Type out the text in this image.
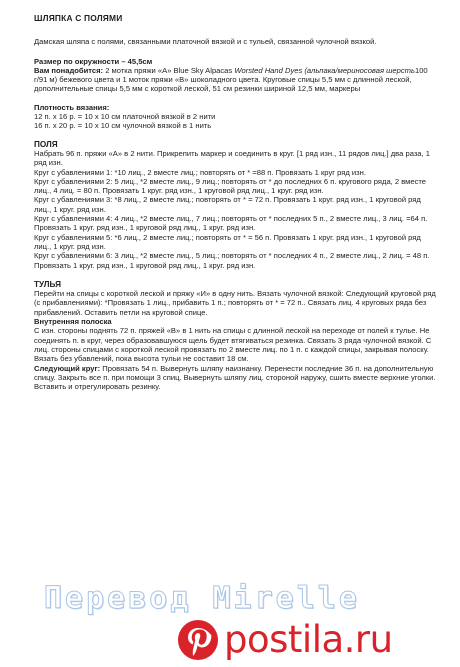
ШЛЯПКА С ПОЛЯМИ

Дамская шляпа с полями, связанными платочной вязкой и с тульей, связанной чулочной вязкой.

Размер по окружности – 45,5см

Вам понадобится: 2 мотка пряжи «А» Blue Sky Alpacas Worsted Hand Dyes (альпака/мериносовая шерсть100 г/91 м) бежевого цвета и 1 моток пряжи «В» шоколадного цвета. Круговые спицы 5,5 мм с длинной леской, дополнительные спицы 5,5 мм с короткой леской, 51 см резинки шириной 12,5 мм, маркеры

Плотность вязания:

12 п. х 16 р. = 10 х 10 см платочной вязкой в 2 нити

16 п. х 20 р. = 10 х 10 см чулочной вязкой в 1 нить

ПОЛЯ

Набрать 96 п. пряжи «А» в 2 нити. Прикрепить маркер и соединить в круг. [1 ряд изн., 11 рядов лиц.] два раза, 1 ряд изн.

Круг с убавлениями 1: *10 лиц., 2 вместе лиц.; повторять от * =88 п. Провязать 1 круг ряд изн.

Круг с убавлениями 2: 5 лиц., *2 вместе лиц., 9 лиц.; повторять от * до последних 6 п. кругового ряда, 2 вместе лиц., 4 лиц. = 80 п. Провязать 1 круг. ряд изн., 1 круговой ряд лиц., 1 круг. ряд изн.

Круг с убавлениями 3: *8 лиц., 2 вместе лиц.; повторять от * = 72 п. Провязать 1 круг. ряд изн., 1 круговой ряд лиц., 1 круг. ряд изн.

Круг с убавлениями 4: 4 лиц., *2 вместе лиц., 7 лиц.; повторять от * последних 5 п., 2 вместе лиц., 3 лиц. =64 п. Провязать 1 круг. ряд изн., 1 круговой ряд лиц., 1 круг. ряд изн.

Круг с убавлениями 5: *6 лиц., 2 вместе лиц.; повторять от * = 56 п. Провязать 1 круг. ряд изн., 1 круговой ряд лиц., 1 круг. ряд изн.

Круг с убавлениями 6: 3 лиц., *2 вместе лиц., 5 лиц.; повторять от * последних 4 п., 2 вместе лиц., 2 лиц. = 48 п. Провязать 1 круг. ряд изн., 1 круговой ряд лиц., 1 круг. ряд изн.

ТУЛЬЯ

Перейти на спицы с короткой леской и пряжу «И» в одну нить. Вязать чулочной вязкой: Следующий круговой ряд (с прибавлениями): *Провязать 1 лиц., прибавить 1 п.; повторять от * = 72 п.. Связать лиц. 4 круговых ряда без прибавлений. Оставить петли на круговой спице.

Внутренняя полоска

С изн. стороны поднять 72 п. пряжей «В» в 1 нить на спицы с длинной леской на переходе от полей к тулье. Не соединять п. в круг, через образовавшуюся щель будет втягиваться резинка. Связать 3 ряда чулочной вязкой. С лиц. стороны спицами с короткой леской провязать по 2 вместе лиц. по 1 п. с каждой спицы, закрывая полоску. Вязать без убавлений, пока высота тульи не составит 18 см.

Следующий круг: Провязать 54 п. Вывернуть шляпу наизнанку. Перенести последние 36 п. на дополнительную спицу. Закрыть все п. при помощи 3 спиц. Вывернуть шляпу лиц. стороной наружу, сшить вместе верхние уголки. Вставить и отрегулировать резинку.

Перевод Mirelle
postila.ru
